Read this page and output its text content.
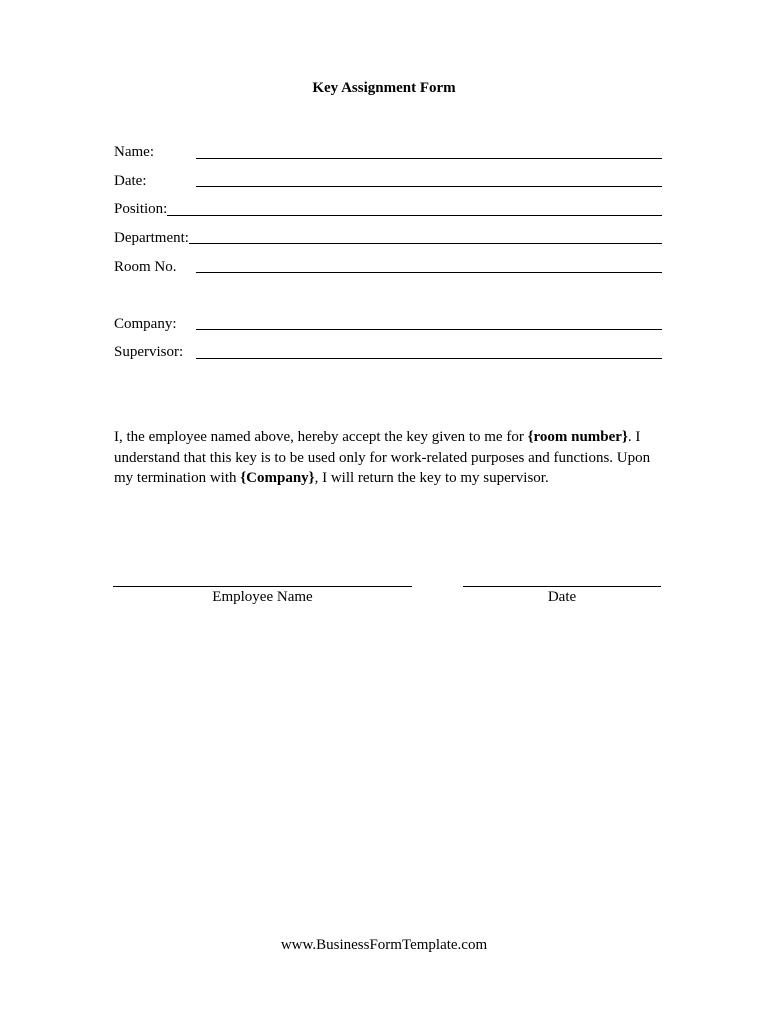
Key Assignment Form
Name:
Date:
Position:
Department:
Room No.
Company:
Supervisor:
I, the employee named above, hereby accept the key given to me for {room number}. I understand that this key is to be used only for work-related purposes and functions. Upon my termination with {Company}, I will return the key to my supervisor.
Employee Name	Date
www.BusinessFormTemplate.com
